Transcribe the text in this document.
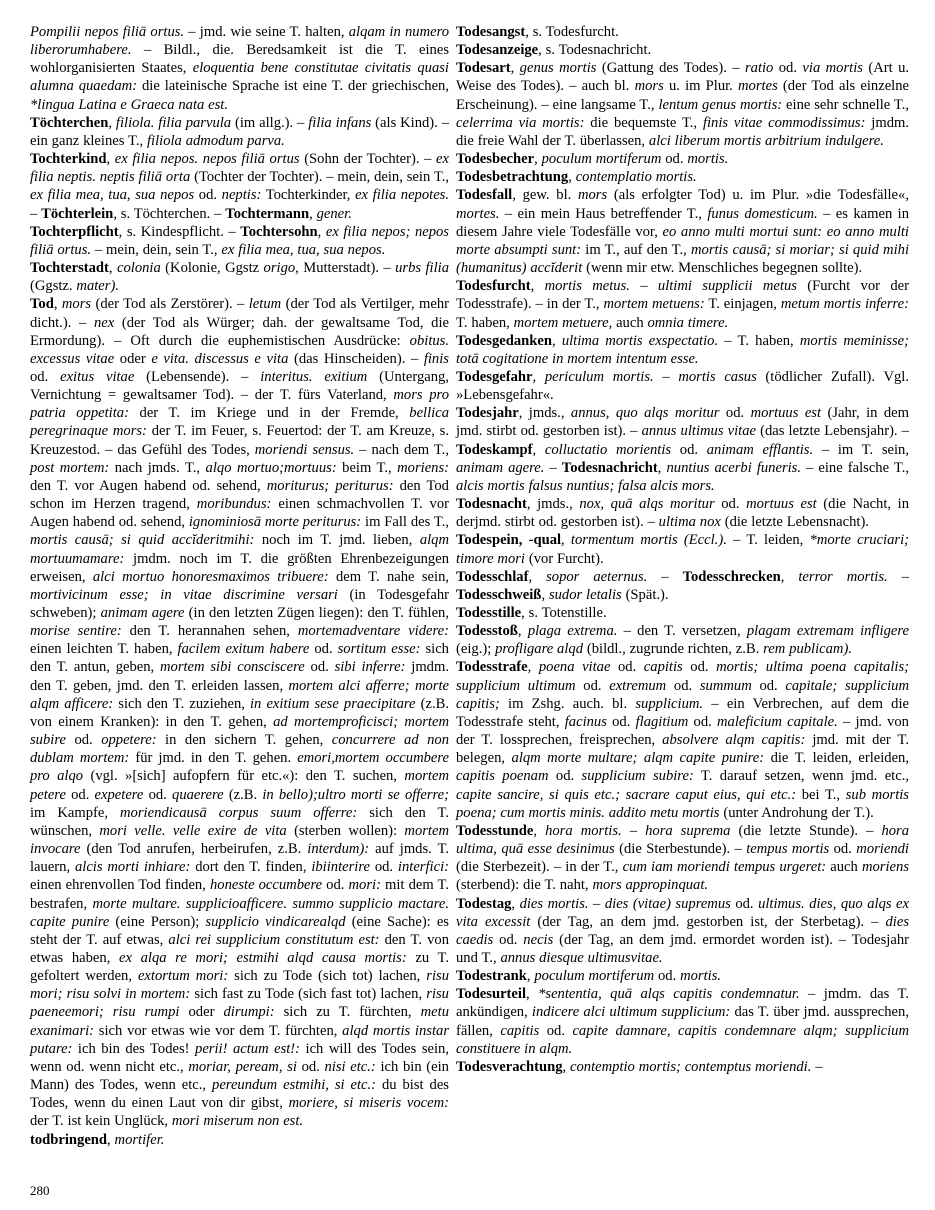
Pompilii nepos filiā ortus. – jmd. wie seine T. halten, alqam in numero liberorumhabere. – Bildl., die. Beredsamkeit ist die T. eines wohlorganisierten Staates, eloquentia bene constitutae civitatis quasi alumna quaedam: die lateinische Sprache ist eine T. der griechischen, *lingua Latina e Graeca nata est.

Töchterchen, filiola. filia parvula (im allg.). – filia infans (als Kind). – ein ganz kleines T., filiola admodum parva.

Tochterkind, ex filia nepos. nepos filiā ortus (Sohn der Tochter). – ex filia neptis. neptis filiā orta (Tochter der Tochter). – mein, dein, sein T., ex filia mea, tua, sua nepos od. neptis: Tochterkinder, ex filia nepotes. – Töchterlein, s. Töchterchen. – Tochtermann, gener.

Tochterpflicht, s. Kindespflicht. – Tochtersohn, ex filia nepos; nepos filiā ortus. – mein, dein, sein T., ex filia mea, tua, sua nepos.

Tochterstadt, colonia (Kolonie, Ggstz origo, Mutterstadt). – urbs filia (Ggstz. mater).

Tod, mors (der Tod als Zerstörer). – letum (der Tod als Vertilger, mehr dicht.). – nex (der Tod als Würger; dah. der gewaltsame Tod, die Ermordung). – Oft durch die euphemistischen Ausdrücke: obitus. excessus vitae oder e vita. discessus e vita (das Hinscheiden). – finis od. exitus vitae (Lebensende). – interitus. exitium (Untergang, Vernichtung = gewaltsamer Tod). – der T. fürs Vaterland, mors pro patria oppetita: der T. im Kriege und in der Fremde, bellica peregrinaque mors: der T. im Feuer, s. Feuertod: der T. am Kreuze, s. Kreuzestod. – das Gefühl des Todes, moriendi sensus. – nach dem T., post mortem: nach jmds. T., alqo mortuo;mortuus: beim T., moriens: den T. vor Augen habend od. sehend, moriturus; periturus: den Tod schon im Herzen tragend, moribundus: einen schmachvollen T. vor Augen habend od. sehend, ignominiosā morte periturus: im Fall des T., mortis causā; si quid accĭderitmihi: noch im T. jmd. lieben, alqm mortuumamare: jmdm. noch im T. die größten Ehrenbezeigungen erweisen, alci mortuo honoresmaximos tribuere: dem T. nahe sein, mortivicinum esse; in vitae discrimine versari (in Todesgefahr schweben); animam agere (in den letzten Zügen liegen): den T. fühlen, morise sentire: den T. herannahen sehen, mortemadventare videre: einen leichten T. haben, facilem exitum habere od. sortitum esse: sich den T. antun, geben, mortem sibi consciscere od. sibi inferre: jmdm. den T. geben, jmd. den T. erleiden lassen, mortem alci afferre; morte alqm afficere: sich den T. zuziehen, in exitium sese praecipitare (z.B. von einem Kranken): in den T. gehen, ad mortemproficisci; mortem subire od. oppetere: in den sichern T. gehen, concurrere ad non dublam mortem: für jmd. in den T. gehen. emori,mortem occumbere pro alqo (vgl. »[sich] aufopfern für etc.«): den T. suchen, mortem petere od. expetere od. quaerere (z.B. in bello);ultro morti se offerre; im Kampfe, moriendicausā corpus suum offerre: sich den T. wünschen, mori velle. velle exire de vita (sterben wollen): mortem invocare (den Tod anrufen, herbeirufen, z.B. interdum): auf jmds. T. lauern, alcis morti inhiare: dort den T. finden, ibiinterire od. interfici: einen ehrenvollen Tod finden, honeste occumbere od. mori: mit dem T. bestrafen, morte multare. supplicioafficere. summo supplicio mactare. capite punire (eine Person); supplicio vindicarealqd (eine Sache): es steht der T. auf etwas, alci rei supplicium constitutum est: den T. von etwas haben, ex alqa re mori; estmihi alqd causa mortis: zu T. gefoltert werden, extortum mori: sich zu Tode (sich tot) lachen, risu mori; risu solvi in mortem: sich fast zu Tode (sich fast tot) lachen, risu paeneemori; risu rumpi oder dirumpi: sich zu T. fürchten, metu exanimari: sich vor etwas wie vor dem T. fürchten, alqd mortis instar putare: ich bin des Todes! perii! actum est!: ich will des Todes sein, wenn od. wenn nicht etc., moriar, peream, si od. nisi etc.: ich bin (ein Mann) des Todes, wenn etc., pereundum estmihi, si etc.: du bist des Todes, wenn du einen Laut von dir gibst, moriere, si miseris vocem: der T. ist kein Unglück, mori miserum non est.

todbringend, mortifer.

Todesangst, s. Todesfurcht.

Todesanzeige, s. Todesnachricht.

Todesart, genus mortis (Gattung des Todes). – ratio od. via mortis (Art u. Weise des Todes). – auch bl. mors u. im Plur. mortes (der Tod als einzelne Erscheinung). – eine langsame T., lentum genus mortis: eine sehr schnelle T., celerrima via mortis: die bequemste T., finis vitae commodissimus: jmdm. die freie Wahl der T. überlassen, alci liberum mortis arbitrium indulgere.

Todesbecher, poculum mortiferum od. mortis.

Todesbetrachtung, contemplatio mortis.

Todesfall, gew. bl. mors (als erfolgter Tod) u. im Plur. »die Todesfälle«, mortes. – ein mein Haus betreffender T., funus domesticum. – es kamen in diesem Jahre viele Todesfälle vor, eo anno multi mortui sunt: eo anno multi morte absumpti sunt: im T., auf den T., mortis causā; si moriar; si quid mihi (humanitus) accĭderit (wenn mir etw. Menschliches begegnen sollte).

Todesfurcht, mortis metus. – ultimi supplicii metus (Furcht vor der Todesstrafe). – in der T., mortem metuens: T. einjagen, metum mortis inferre: T. haben, mortem metuere, auch omnia timere.

Todesgedanken, ultima mortis exspectatio. – T. haben, mortis meminisse; totā cogitatione in mortem intentum esse.

Todesgefahr, periculum mortis. – mortis casus (tödlicher Zufall). Vgl. »Lebensgefahr«.

Todesjahr, jmds., annus, quo alqs moritur od. mortuus est (Jahr, in dem jmd. stirbt od. gestorben ist). – annus ultimus vitae (das letzte Lebensjahr). – Todeskampf, colluctatio morientis od. animam efflantis. – im T. sein, animam agere. – Todesnachricht, nuntius acerbi funeris. – eine falsche T., alcis mortis falsus nuntius; falsa alcis mors.

Todesnacht, jmds., nox, quā alqs moritur od. mortuus est (die Nacht, in derjmd. stirbt od. gestorben ist). – ultima nox (die letzte Lebensnacht).

Todespein, -qual, tormentum mortis (Eccl.). – T. leiden, *morte cruciari; timore mori (vor Furcht).

Todesschlaf, sopor aeternus. – Todesschrecken, terror mortis. – Todesschweiß, sudor letalis (Spät.).

Todesstille, s. Totenstille.

Todesstoß, plaga extrema. – den T. versetzen, plagam extremam infligere (eig.); profligare alqd (bildl., zugrunde richten, z.B. rem publicam).

Todesstrafe, poena vitae od. capitis od. mortis; ultima poena capitalis; supplicium ultimum od. extremum od. summum od. capitale; supplicium capitis; im Zshg. auch. bl. supplicium. – ein Verbrechen, auf dem die Todesstrafe steht, facinus od. flagitium od. maleficium capitale. – jmd. von der T. lossprechen, freisprechen, absolvere alqm capitis: jmd. mit der T. belegen, alqm morte multare; alqm capite punire: die T. leiden, erleiden, capitis poenam od. supplicium subire: T. darauf setzen, wenn jmd. etc., capite sancire, si quis etc.; sacrare caput eius, qui etc.: bei T., sub mortis poena; cum mortis minis. addito metu mortis (unter Androhung der T.).

Todesstunde, hora mortis. – hora suprema (die letzte Stunde). – hora ultima, quā esse desinimus (die Sterbestunde). – tempus mortis od. moriendi (die Sterbezeit). – in der T., cum iam moriendi tempus urgeret: auch moriens (sterbend): die T. naht, mors appropinquat.

Todestag, dies mortis. – dies (vitae) supremus od. ultimus. dies, quo alqs ex vita excessit (der Tag, an dem jmd. gestorben ist, der Sterbetag). – dies caedis od. necis (der Tag, an dem jmd. ermordet worden ist). – Todesjahr und T., annus diesque ultimusvitae.

Todestrank, poculum mortiferum od. mortis.

Todesurteil, *sententia, quā alqs capitis condemnatur. – jmdm. das T. ankündigen, indicere alci ultimum supplicium: das T. über jmd. aussprechen, fällen, capitis od. capite damnare, capitis condemnare alqm; supplicium constituere in alqm.

Todesverachtung, contemptio mortis; contemptus moriendi. –

280
